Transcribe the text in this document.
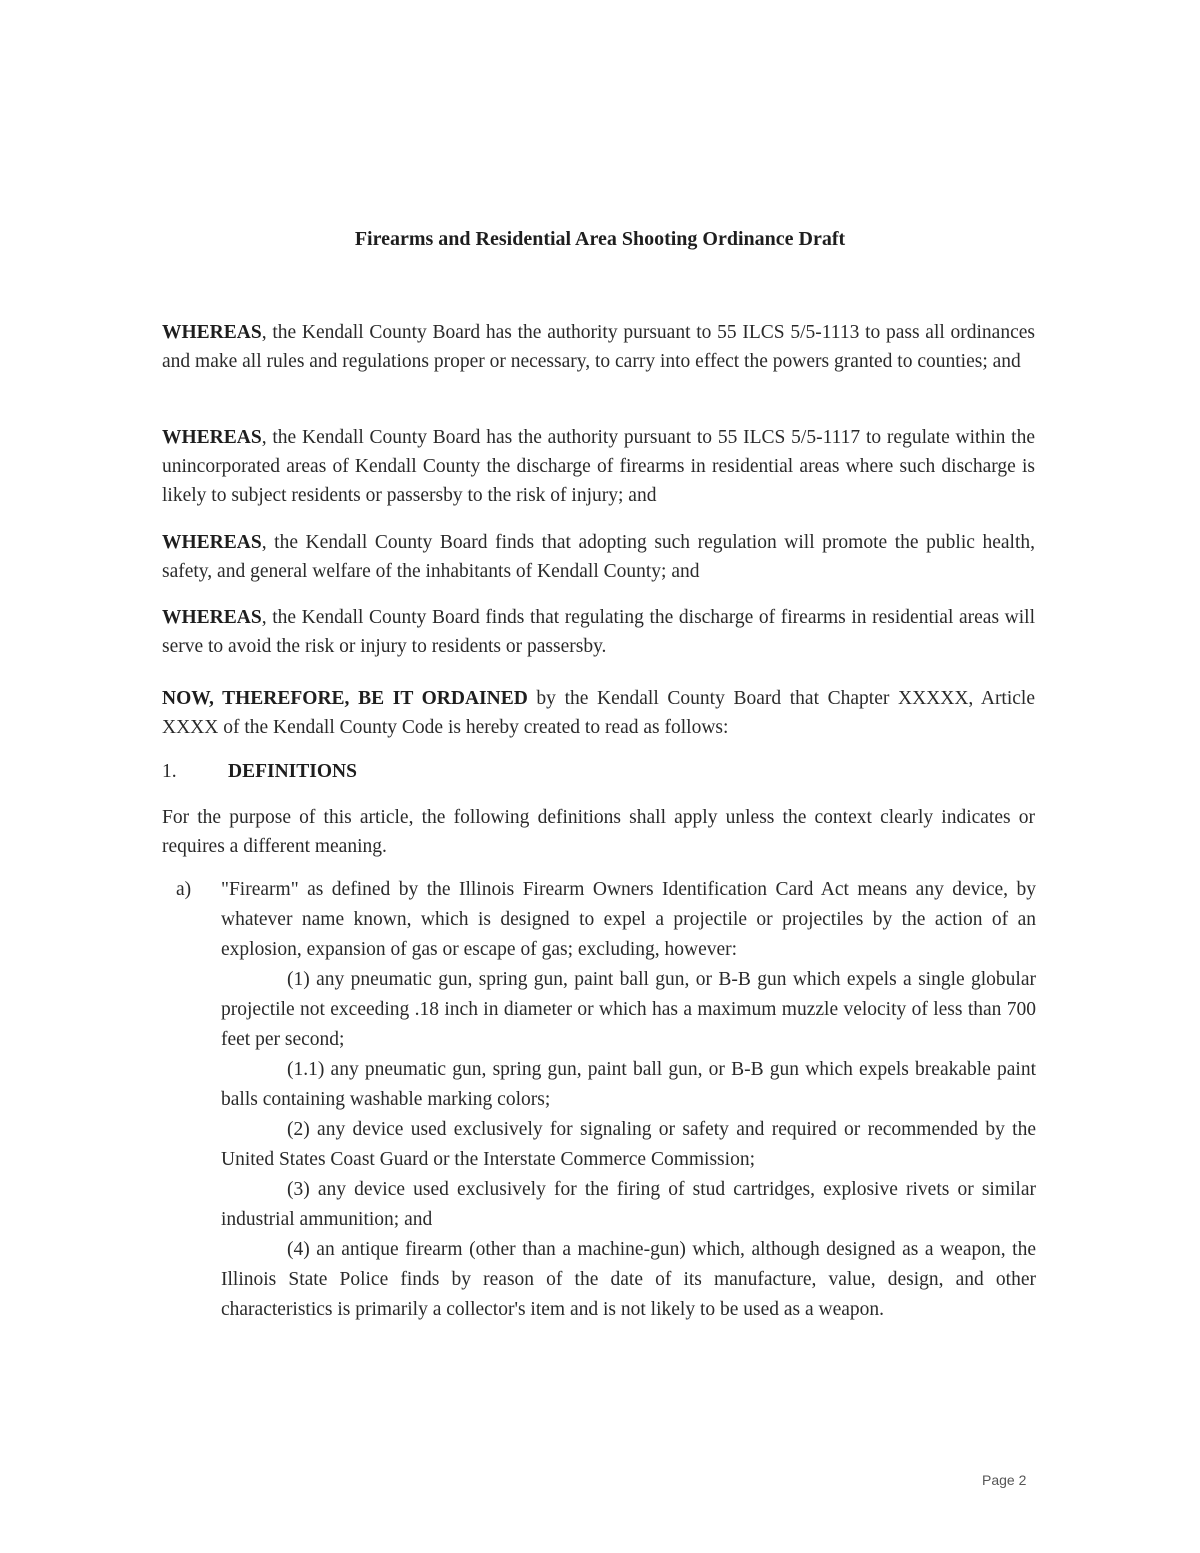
Firearms and Residential Area Shooting Ordinance Draft

WHEREAS, the Kendall County Board has the authority pursuant to 55 ILCS 5/5-1113 to pass all ordinances and make all rules and regulations proper or necessary, to carry into effect the powers granted to counties; and

WHEREAS, the Kendall County Board has the authority pursuant to 55 ILCS 5/5-1117 to regulate within the unincorporated areas of Kendall County the discharge of firearms in residential areas where such discharge is likely to subject residents or passersby to the risk of injury; and

WHEREAS, the Kendall County Board finds that adopting such regulation will promote the public health, safety, and general welfare of the inhabitants of Kendall County; and

WHEREAS, the Kendall County Board finds that regulating the discharge of firearms in residential areas will serve to avoid the risk or injury to residents or passersby.

NOW, THEREFORE, BE IT ORDAINED by the Kendall County Board that Chapter XXXXX, Article XXXX of the Kendall County Code is hereby created to read as follows:

1.	DEFINITIONS

For the purpose of this article, the following definitions shall apply unless the context clearly indicates or requires a different meaning.

a)	"Firearm" as defined by the Illinois Firearm Owners Identification Card Act means any device, by whatever name known, which is designed to expel a projectile or projectiles by the action of an explosion, expansion of gas or escape of gas; excluding, however:

(1) any pneumatic gun, spring gun, paint ball gun, or B-B gun which expels a single globular projectile not exceeding .18 inch in diameter or which has a maximum muzzle velocity of less than 700 feet per second;

(1.1) any pneumatic gun, spring gun, paint ball gun, or B-B gun which expels breakable paint balls containing washable marking colors;

(2) any device used exclusively for signaling or safety and required or recommended by the United States Coast Guard or the Interstate Commerce Commission;

(3) any device used exclusively for the firing of stud cartridges, explosive rivets or similar industrial ammunition; and

(4) an antique firearm (other than a machine-gun) which, although designed as a weapon, the Illinois State Police finds by reason of the date of its manufacture, value, design, and other characteristics is primarily a collector's item and is not likely to be used as a weapon.

Page 2
